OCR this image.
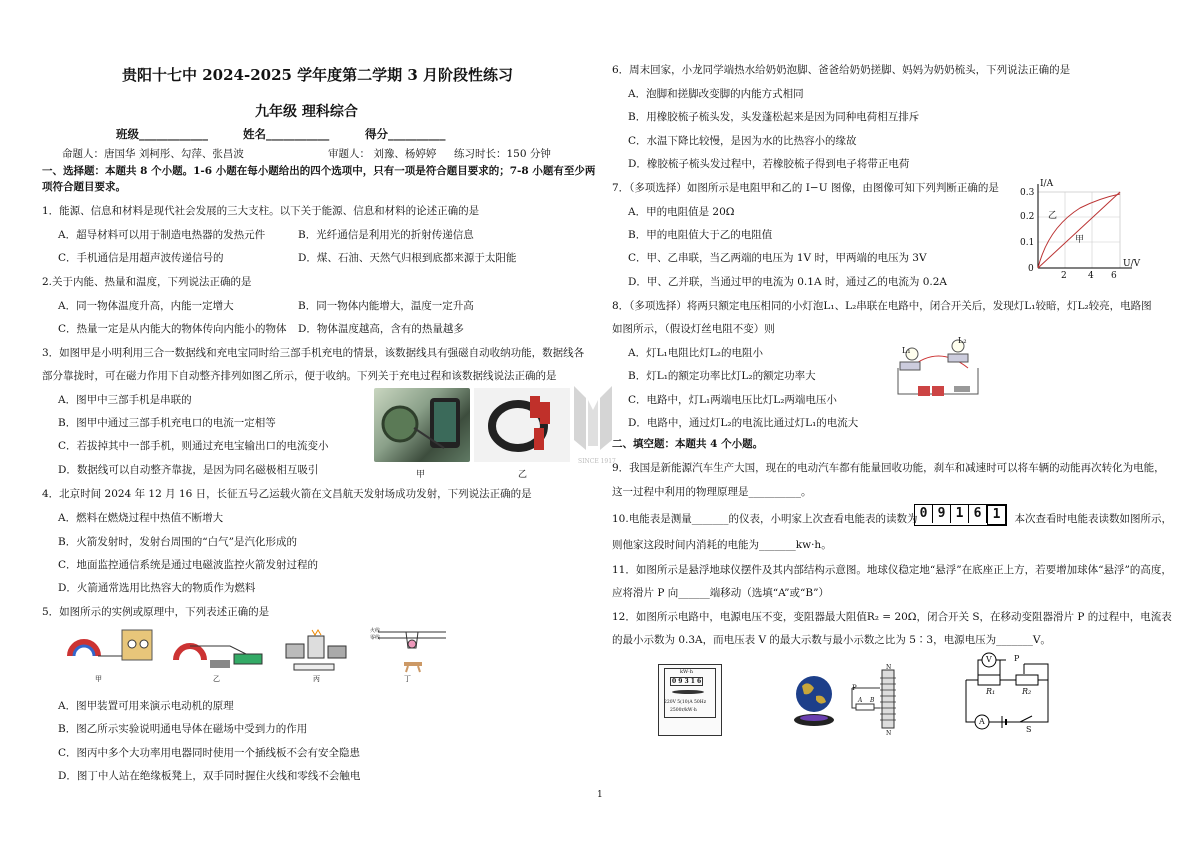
贵阳十七中 2024-2025 学年度第二学期 3 月阶段性练习
九年级 理科综合
班级____________	姓名___________	得分__________
命题人：唐国华 刘柯彤、勾萍、张昌波	审题人： 刘豫、杨婷婷 练习时长：150 分钟
一、选择题：本题共 8 个小题。1-6 小题在每小题给出的四个选项中，只有一项是符合题目要求的；7-8 小题有至少两
项符合题目要求。
1．能源、信息和材料是现代社会发展的三大支柱。以下关于能源、信息和材料的论述正确的是
A．超导材料可以用于制造电热器的发热元件	B．光纤通信是利用光的折射传递信息
C．手机通信是用超声波传递信号的	D．煤、石油、天然气归根到底都来源于太阳能
2.关于内能、热量和温度，下列说法正确的是
A．同一物体温度升高，内能一定增大	B．同一物体内能增大，温度一定升高
C．热量一定是从内能大的物体传向内能小的物体 D．物体温度越高，含有的热量越多
3．如图甲是小明利用三合一数据线和充电宝同时给三部手机充电的情景，该数据线具有强磁自动收纳功能，数据线各
部分靠拢时，可在磁力作用下自动整齐排列如图乙所示，便于收纳。下列关于充电过程和该数据线说法正确的是
A．图甲中三部手机是串联的
B．图甲中通过三部手机充电口的电流一定相等
C．若拔掉其中一部手机，则通过充电宝输出口的电流变小
D．数据线可以自动整齐靠拢，是因为同名磁极相互吸引	甲	乙
SINCE 1917
4．北京时间 2024 年 12 月 16 日，长征五号乙运载火箭在文昌航天发射场成功发射，下列说法正确的是
A．燃料在燃烧过程中热值不断增大
B．火箭发射时，发射台周围的“白气”是汽化形成的
C．地面监控通信系统是通过电磁波监控火箭发射过程的
D．火箭通常选用比热容大的物质作为燃料
5．如图所示的实例或原理中，下列表述正确的是
甲	乙	丙
火线
零线
丁
A．图甲装置可用来演示电动机的原理
B．图乙所示实验说明通电导体在磁场中受到力的作用
C．图丙中多个大功率用电器同时使用一个插线板不会有安全隐患
D．图丁中人站在绝缘板凳上，双手同时握住火线和零线不会触电
6．周末回家，小龙同学端热水给奶奶泡脚、爸爸给奶奶搓脚、妈妈为奶奶梳头，下列说法正确的是
A．泡脚和搓脚改变脚的内能方式相同
B．用橡胶梳子梳头发，头发蓬松起来是因为同种电荷相互排斥
C．水温下降比较慢，是因为水的比热容小的缘故
D．橡胶梳子梳头发过程中，若橡胶梳子得到电子将带正电荷
7．（多项选择）如图所示是电阻甲和乙的 I−U 图像，由图像可知下列判断正确的是
A．甲的电阻值是 20Ω
B．甲的电阻值大于乙的电阻值
C．甲、乙串联，当乙两端的电压为 1V 时，甲两端的电压为 3V
D．甲、乙并联，当通过甲的电流为 0.1A 时，通过乙的电流为 0.2A
I/A
U/V
0.3
0.2
0.1
0
2 4 6
乙
甲
8．（多项选择）将两只额定电压相同的小灯泡L₁、L₂串联在电路中，闭合开关后，发现灯L₁较暗，灯L₂较亮，电路图
如图所示，（假设灯丝电阻不变）则
A．灯L₁电阻比灯L₂的电阻小
B．灯L₁的额定功率比灯L₂的额定功率大
C．电路中，灯L₁两端电压比灯L₂两端电压小
D．电路中，通过灯L₂的电流比通过灯L₁的电流大
L₁
L₂
二、填空题：本题共 4 个小题。
9．我国是新能源汽车生产大国，现在的电动汽车都有能量回收功能，刹车和减速时可以将车辆的动能再次转化为电能，
这一过程中利用的物理原理是__________。
10.电能表是测量_______的仪表，小明家上次查看电能表的读数为 0 9 1 6 1 ，本次查看时电能表读数如图所示，
则他家这段时间内消耗的电能为_______kw·h。
11．如图所示是悬浮地球仪摆件及其内部结构示意图。地球仪稳定地“悬浮”在底座正上方，若要增加球体“悬浮”的高度，
应将滑片 P 向______端移动（选填“A”或“B”）
12．如图所示电路中，电源电压不变，变阻器最大阻值R₂ = 20Ω，闭合开关 S，在移动变阻器滑片 P 的过程中，电流表
的最小示数为 0.3A，而电压表 V 的最大示数与最小示数之比为 5∶3，电源电压为_______V。
kW·h
0 9 3 1 6
220V 5(10)A 50Hz
2500r/kW·h
N
N
P
A B
V
A
P
R₁	R₂
S
1
